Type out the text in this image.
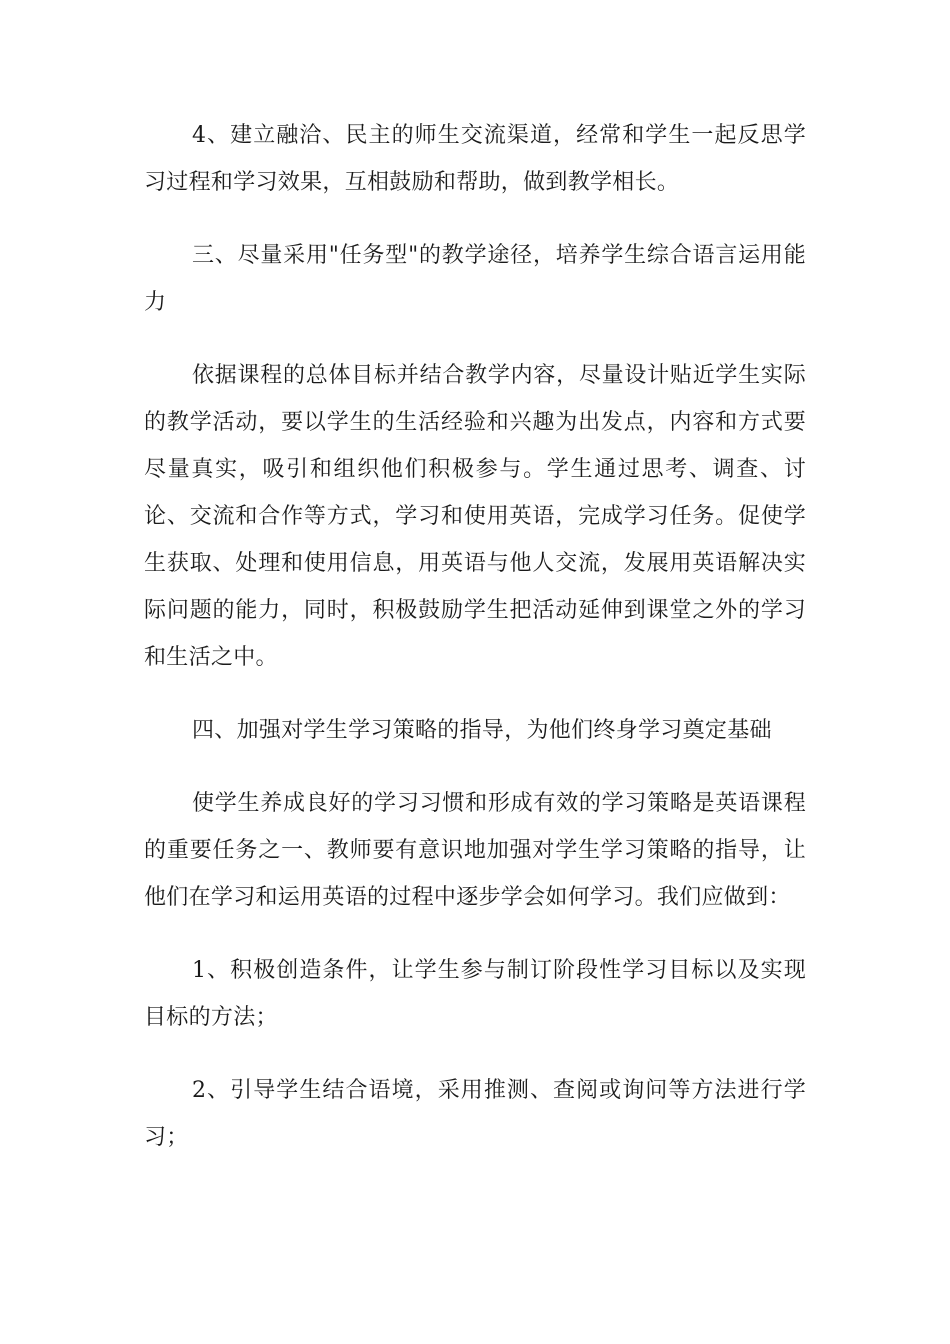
4、建立融洽、民主的师生交流渠道，经常和学生一起反思学习过程和学习效果，互相鼓励和帮助，做到教学相长。

三、尽量采用"任务型"的教学途径，培养学生综合语言运用能力

依据课程的总体目标并结合教学内容，尽量设计贴近学生实际的教学活动，要以学生的生活经验和兴趣为出发点，内容和方式要尽量真实，吸引和组织他们积极参与。学生通过思考、调查、讨论、交流和合作等方式，学习和使用英语，完成学习任务。促使学生获取、处理和使用信息，用英语与他人交流，发展用英语解决实际问题的能力，同时，积极鼓励学生把活动延伸到课堂之外的学习和生活之中。

四、加强对学生学习策略的指导，为他们终身学习奠定基础

使学生养成良好的学习习惯和形成有效的学习策略是英语课程的重要任务之一、教师要有意识地加强对学生学习策略的指导，让他们在学习和运用英语的过程中逐步学会如何学习。我们应做到：

1、积极创造条件，让学生参与制订阶段性学习目标以及实现目标的方法；

2、引导学生结合语境，采用推测、查阅或询问等方法进行学习；
